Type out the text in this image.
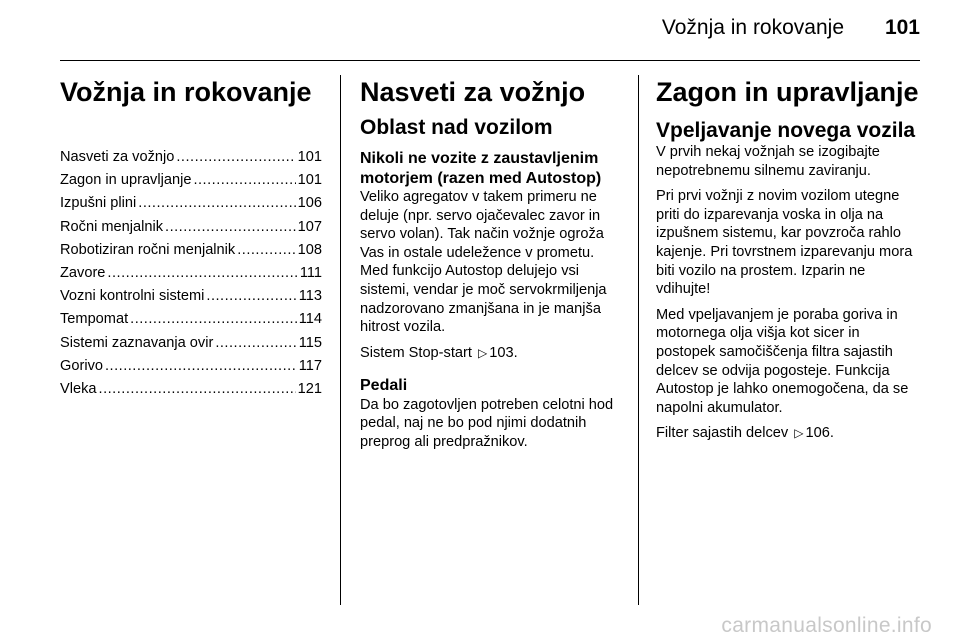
Vožnja in rokovanje 101
Vožnja in rokovanje
Nasveti za vožnjo .....	101
Zagon in upravljanje .....	101
Izpušni plini .....	106
Ročni menjalnik .....	107
Robotiziran ročni menjalnik .....	108
Zavore .....	111
Vozni kontrolni sistemi .....	113
Tempomat .....	114
Sistemi zaznavanja ovir .....	115
Gorivo .....	117
Vleka .....	121
Nasveti za vožnjo
Oblast nad vozilom
Nikoli ne vozite z zaustavljenim motorjem (razen med Autostop)

Veliko agregatov v takem primeru ne deluje (npr. servo ojačevalec zavor in servo volan). Tak način vožnje ogroža Vas in ostale udeležence v prometu. Med funkcijo Autostop delujejo vsi sistemi, vendar je moč servokrmiljenja nadzorovano zmanjšana in je manjša hitrost vozila.

Sistem Stop-start ▷ 103.

Pedali

Da bo zagotovljen potreben celotni hod pedal, naj ne bo pod njimi dodatnih preprog ali predpražnikov.

Zagon in upravljanje
Vpeljavanje novega vozila

V prvih nekaj vožnjah se izogibajte nepotrebnemu silnemu zaviranju.

Pri prvi vožnji z novim vozilom utegne priti do izparevanja voska in olja na izpušnem sistemu, kar povzroča rahlo kajenje. Pri tovrstnem izparevanju mora biti vozilo na prostem. Izparin ne vdihujte!

Med vpeljavanjem je poraba goriva in motornega olja višja kot sicer in postopek samočiščenja filtra sajastih delcev se odvija pogosteje. Funkcija Autostop je lahko onemogočena, da se napolni akumulator.

Filter sajastih delcev ▷ 106.

carmanualsonline.info
